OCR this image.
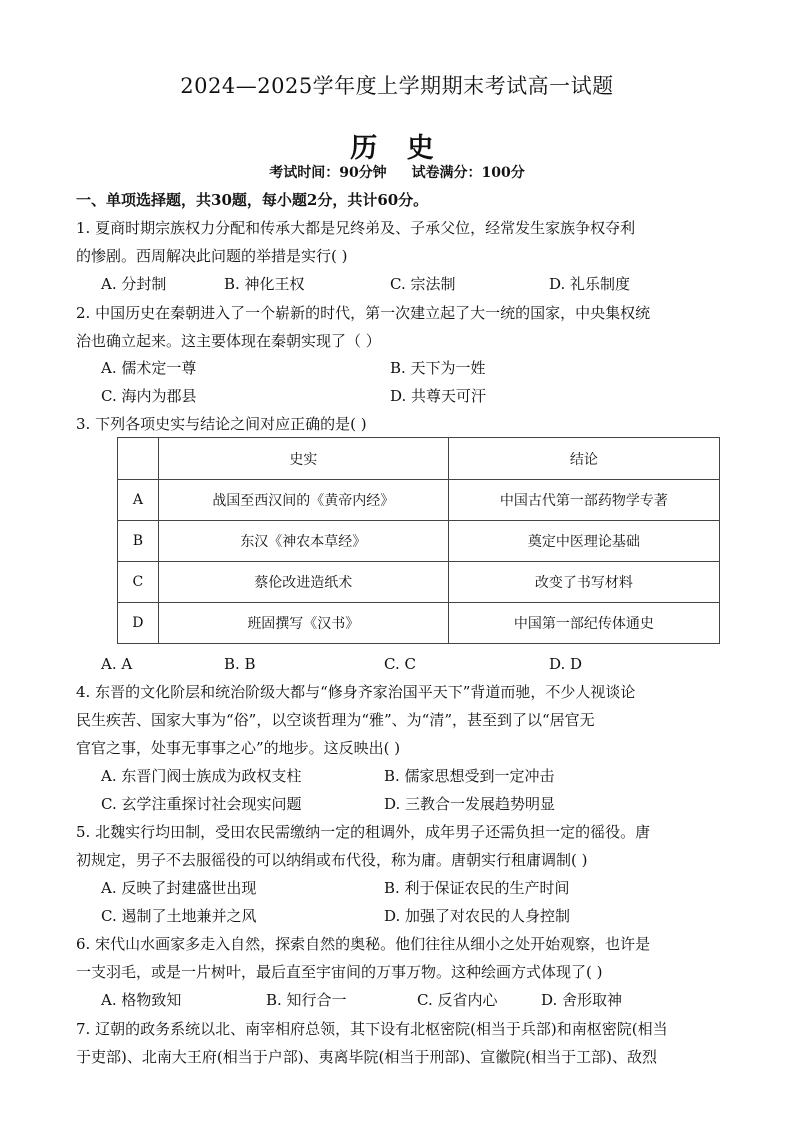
2024—2025学年度上学期期末考试高一试题
历 史
考试时间：90分钟 试卷满分：100分
一、单项选择题，共30题，每小题2分，共计60分。
1. 夏商时期宗族权力分配和传承大都是兄终弟及、子承父位，经常发生家族争权夺利
的惨剧。西周解决此问题的举措是实行( )
A. 分封制	B. 神化王权	C. 宗法制	D. 礼乐制度
2. 中国历史在秦朝进入了一个崭新的时代，第一次建立起了大一统的国家，中央集权统
治也确立起来。这主要体现在秦朝实现了（ ）
A. 儒术定一尊	B. 天下为一姓
C. 海内为郡县	D. 共尊天可汗
3. 下列各项史实与结论之间对应正确的是( )
	史实	结论
A	战国至西汉间的《黄帝内经》	中国古代第一部药物学专著
B	东汉《神农本草经》	奠定中医理论基础
C	蔡伦改进造纸术	改变了书写材料
D	班固撰写《汉书》	中国第一部纪传体通史
A. A	B. B	C. C	D. D
4. 东晋的文化阶层和统治阶级大都与“修身齐家治国平天下”背道而驰，不少人视谈论
民生疾苦、国家大事为“俗”，以空谈哲理为“雅”、为“清”，甚至到了以“居官无
官官之事，处事无事事之心”的地步。这反映出( )
A. 东晋门阀士族成为政权支柱	B. 儒家思想受到一定冲击
C. 玄学注重探讨社会现实问题	D. 三教合一发展趋势明显
5. 北魏实行均田制，受田农民需缴纳一定的租调外，成年男子还需负担一定的徭役。唐
初规定，男子不去服徭役的可以纳绢或布代役，称为庸。唐朝实行租庸调制( )
A. 反映了封建盛世出现	B. 利于保证农民的生产时间
C. 遏制了土地兼并之风	D. 加强了对农民的人身控制
6. 宋代山水画家多走入自然，探索自然的奥秘。他们往往从细小之处开始观察，也许是
一支羽毛，或是一片树叶，最后直至宇宙间的万事万物。这种绘画方式体现了( )
A. 格物致知	B. 知行合一	C. 反省内心	D. 舍形取神
7. 辽朝的政务系统以北、南宰相府总领，其下设有北枢密院(相当于兵部)和南枢密院(相当
于吏部)、北南大王府(相当于户部)、夷离毕院(相当于刑部)、宣徽院(相当于工部)、敌烈
